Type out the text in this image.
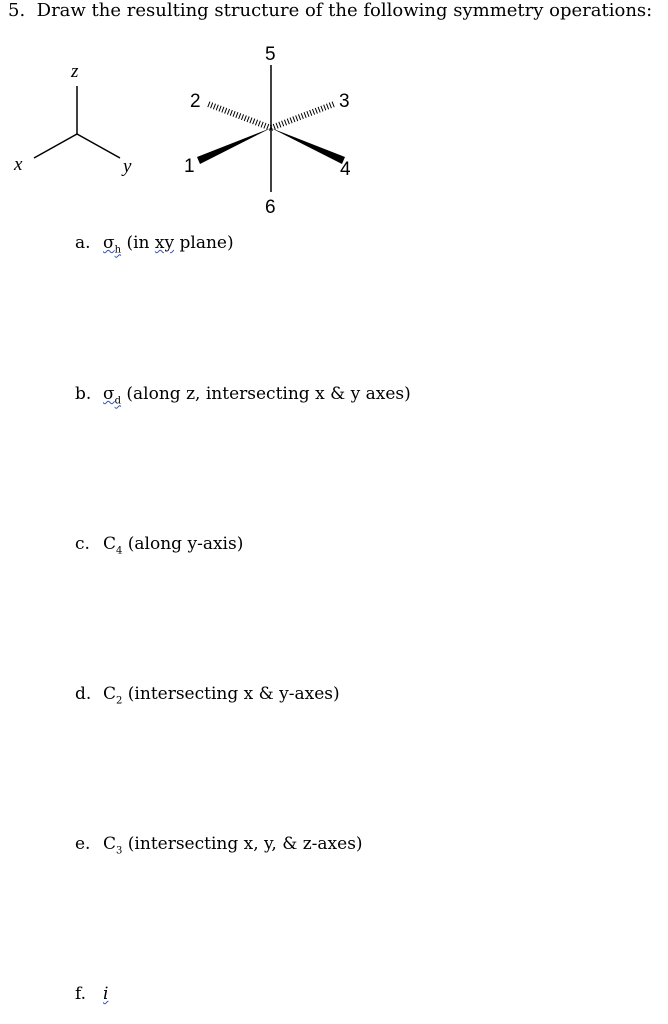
5. Draw the resulting structure of the following symmetry operations:
z
x	y	1
2	3
4
5
6
a. $\sigma_h$ (in xy plane)
b. $\sigma_d$ (along z, intersecting x & y axes)
c. $C_4$ (along y-axis)
d. $C_2$ (intersecting x & y-axes)
e. $C_3$ (intersecting x, y, & z-axes)
f. i
